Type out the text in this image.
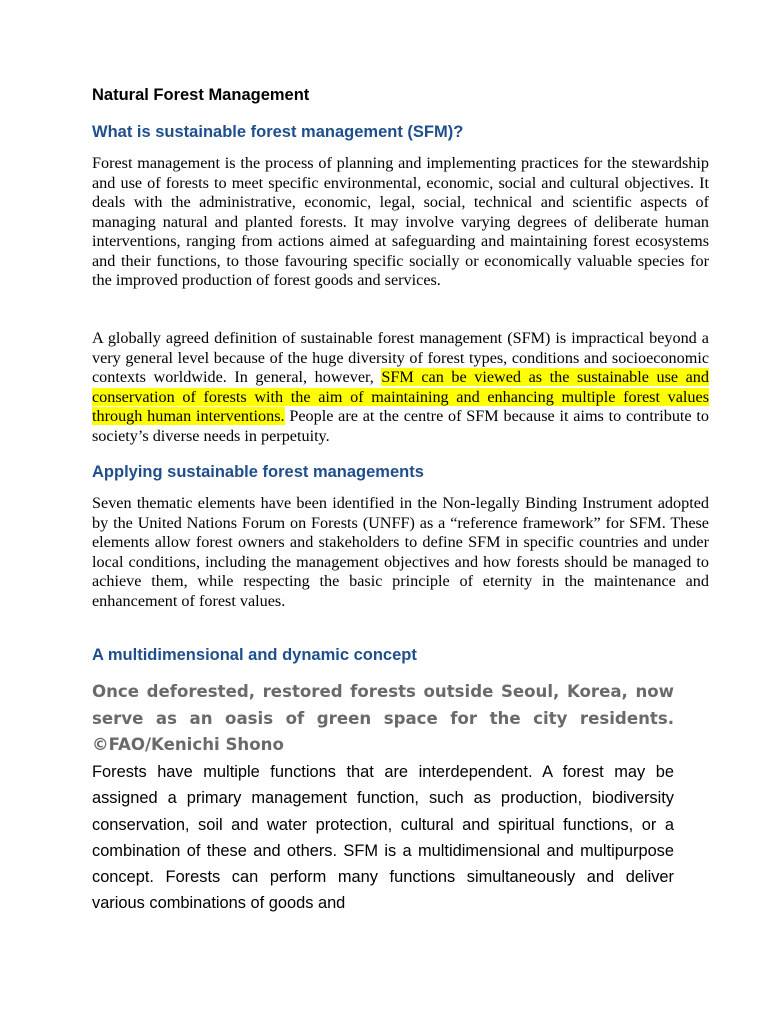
Natural Forest Management
What is sustainable forest management (SFM)?

Forest management is the process of planning and implementing practices for the stewardship and use of forests to meet specific environmental, economic, social and cultural objectives. It deals with the administrative, economic, legal, social, technical and scientific aspects of managing natural and planted forests. It may involve varying degrees of deliberate human interventions, ranging from actions aimed at safeguarding and maintaining forest ecosystems and their functions, to those favouring specific socially or economically valuable species for the improved production of forest goods and services.

A globally agreed definition of sustainable forest management (SFM) is impractical beyond a very general level because of the huge diversity of forest types, conditions and socioeconomic contexts worldwide. In general, however, SFM can be viewed as the sustainable use and conservation of forests with the aim of maintaining and enhancing multiple forest values through human interventions. People are at the centre of SFM because it aims to contribute to society’s diverse needs in perpetuity.

Applying sustainable forest managements

Seven thematic elements have been identified in the Non-legally Binding Instrument adopted by the United Nations Forum on Forests (UNFF) as a “reference framework” for SFM. These elements allow forest owners and stakeholders to define SFM in specific countries and under local conditions, including the management objectives and how forests should be managed to achieve them, while respecting the basic principle of eternity in the maintenance and enhancement of forest values.

A multidimensional and dynamic concept

Once deforested, restored forests outside Seoul, Korea, now serve as an oasis of green space for the city residents. ©FAO/Kenichi Shono

Forests have multiple functions that are interdependent. A forest may be assigned a primary management function, such as production, biodiversity conservation, soil and water protection, cultural and spiritual functions, or a combination of these and others. SFM is a multidimensional and multipurpose concept. Forests can perform many functions simultaneously and deliver various combinations of goods and
